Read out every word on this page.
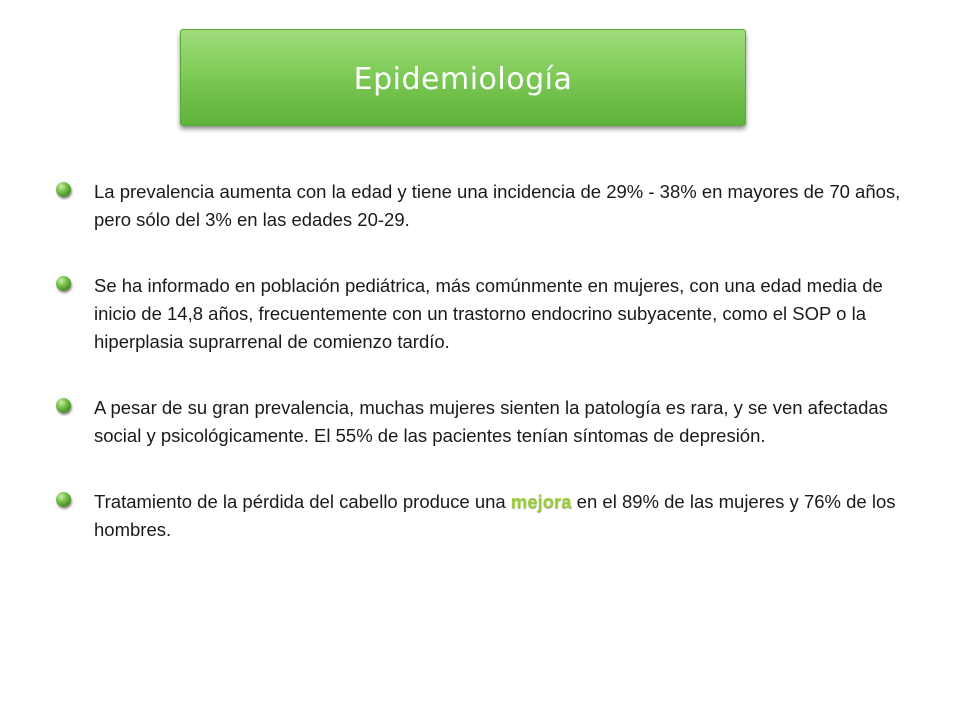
Epidemiología
La prevalencia aumenta con la edad y tiene una incidencia de 29% - 38% en mayores de 70 años, pero sólo del 3% en las edades 20-29.
Se ha informado en población pediátrica, más comúnmente en mujeres, con una edad media de inicio de 14,8 años, frecuentemente con un trastorno endocrino subyacente, como el SOP o la hiperplasia suprarrenal de comienzo tardío.
A pesar de su gran prevalencia, muchas mujeres sienten la patología es rara, y se ven afectadas social y psicológicamente. El 55% de las pacientes tenían síntomas de depresión.
Tratamiento de la pérdida del cabello produce una mejora en el 89% de las mujeres y 76% de los hombres.
